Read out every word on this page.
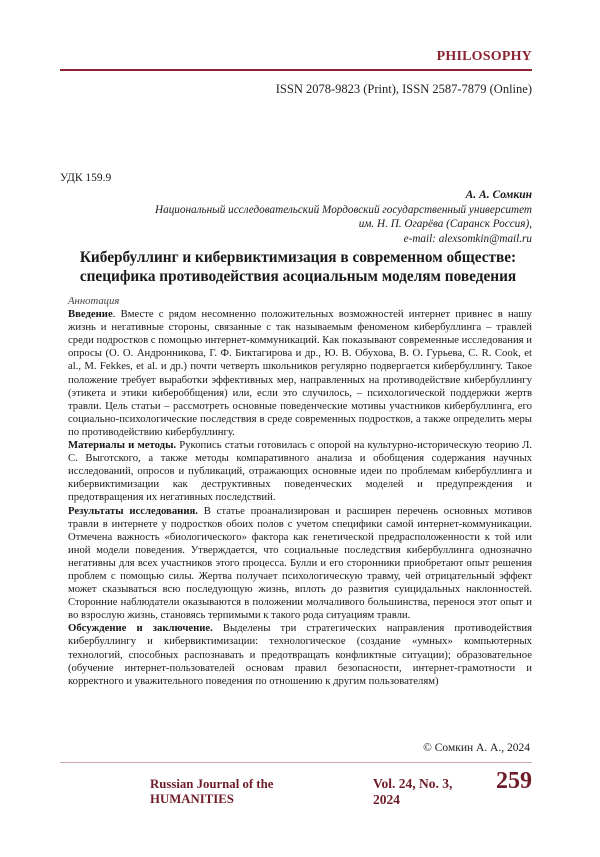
PHILOSOPHY
ISSN 2078-9823 (Print), ISSN 2587-7879 (Online)
УДК 159.9
А. А. Сомкин
Национальный исследовательский Мордовский государственный университет
им. Н. П. Огарёва (Саранск Россия),
e-mail: alexsomkin@mail.ru
Кибербуллинг и кибервиктимизация в современном обществе: специфика противодействия асоциальным моделям поведения
Аннотация

Введение. Вместе с рядом несомненно положительных возможностей интернет привнес в нашу жизнь и негативные стороны, связанные с так называемым феноменом кибербуллинга – травлей среди подростков с помощью интернет-коммуникаций. Как показывают современные исследования и опросы (О. О. Андронникова, Г. Ф. Биктагирова и др., Ю. В. Обухова, В. О. Гурьева, C. R. Cook, et al., M. Fekkes, et al. и др.) почти четверть школьников регулярно подвергается кибербуллингу. Такое положение требует выработки эффективных мер, направленных на противодействие кибербуллингу (этикета и этики кибероббщения) или, если это случилось, – психологической поддержки жертв травли. Цель статьи – рассмотреть основные поведенческие мотивы участников кибербуллинга, его социально-психологические последствия в среде современных подростков, а также определить меры по противодействию кибербуллингу.

Материалы и методы. Рукопись статьи готовилась с опорой на культурно-историческую теорию Л. С. Выготского, а также методы компаративного анализа и обобщения содержания научных исследований, опросов и публикаций, отражающих основные идеи по проблемам кибербуллинга и кибервиктимизации как деструктивных поведенческих моделей и предупреждения и предотвращения их негативных последствий.

Результаты исследования. В статье проанализирован и расширен перечень основных мотивов травли в интернете у подростков обоих полов с учетом специфики самой интернет-коммуникации. Отмечена важность «биологического» фактора как генетической предрасположенности к той или иной модели поведения. Утверждается, что социальные последствия кибербуллинга однозначно негативны для всех участников этого процесса. Булли и его сторонники приобретают опыт решения проблем с помощью силы. Жертва получает психологическую травму, чей отрицательный эффект может сказываться всю последующую жизнь, вплоть до развития суицидальных наклонностей. Сторонние наблюдатели оказываются в положении молчаливого большинства, перенося этот опыт и во взрослую жизнь, становясь терпимыми к такого рода ситуациям травли.

Обсуждение и заключение. Выделены три стратегических направления противодействия кибербуллингу и кибервиктимизации: технологическое (создание «умных» компьютерных технологий, способных распознавать и предотвращать конфликтные ситуации); образовательное (обучение интернет-пользователей основам правил безопасности, интернет-грамотности и корректного и уважительного поведения по отношению к другим пользователям)

© Сомкин А. А., 2024
Russian Journal of the HUMANITIES
Vol. 24, No. 3, 2024
259
